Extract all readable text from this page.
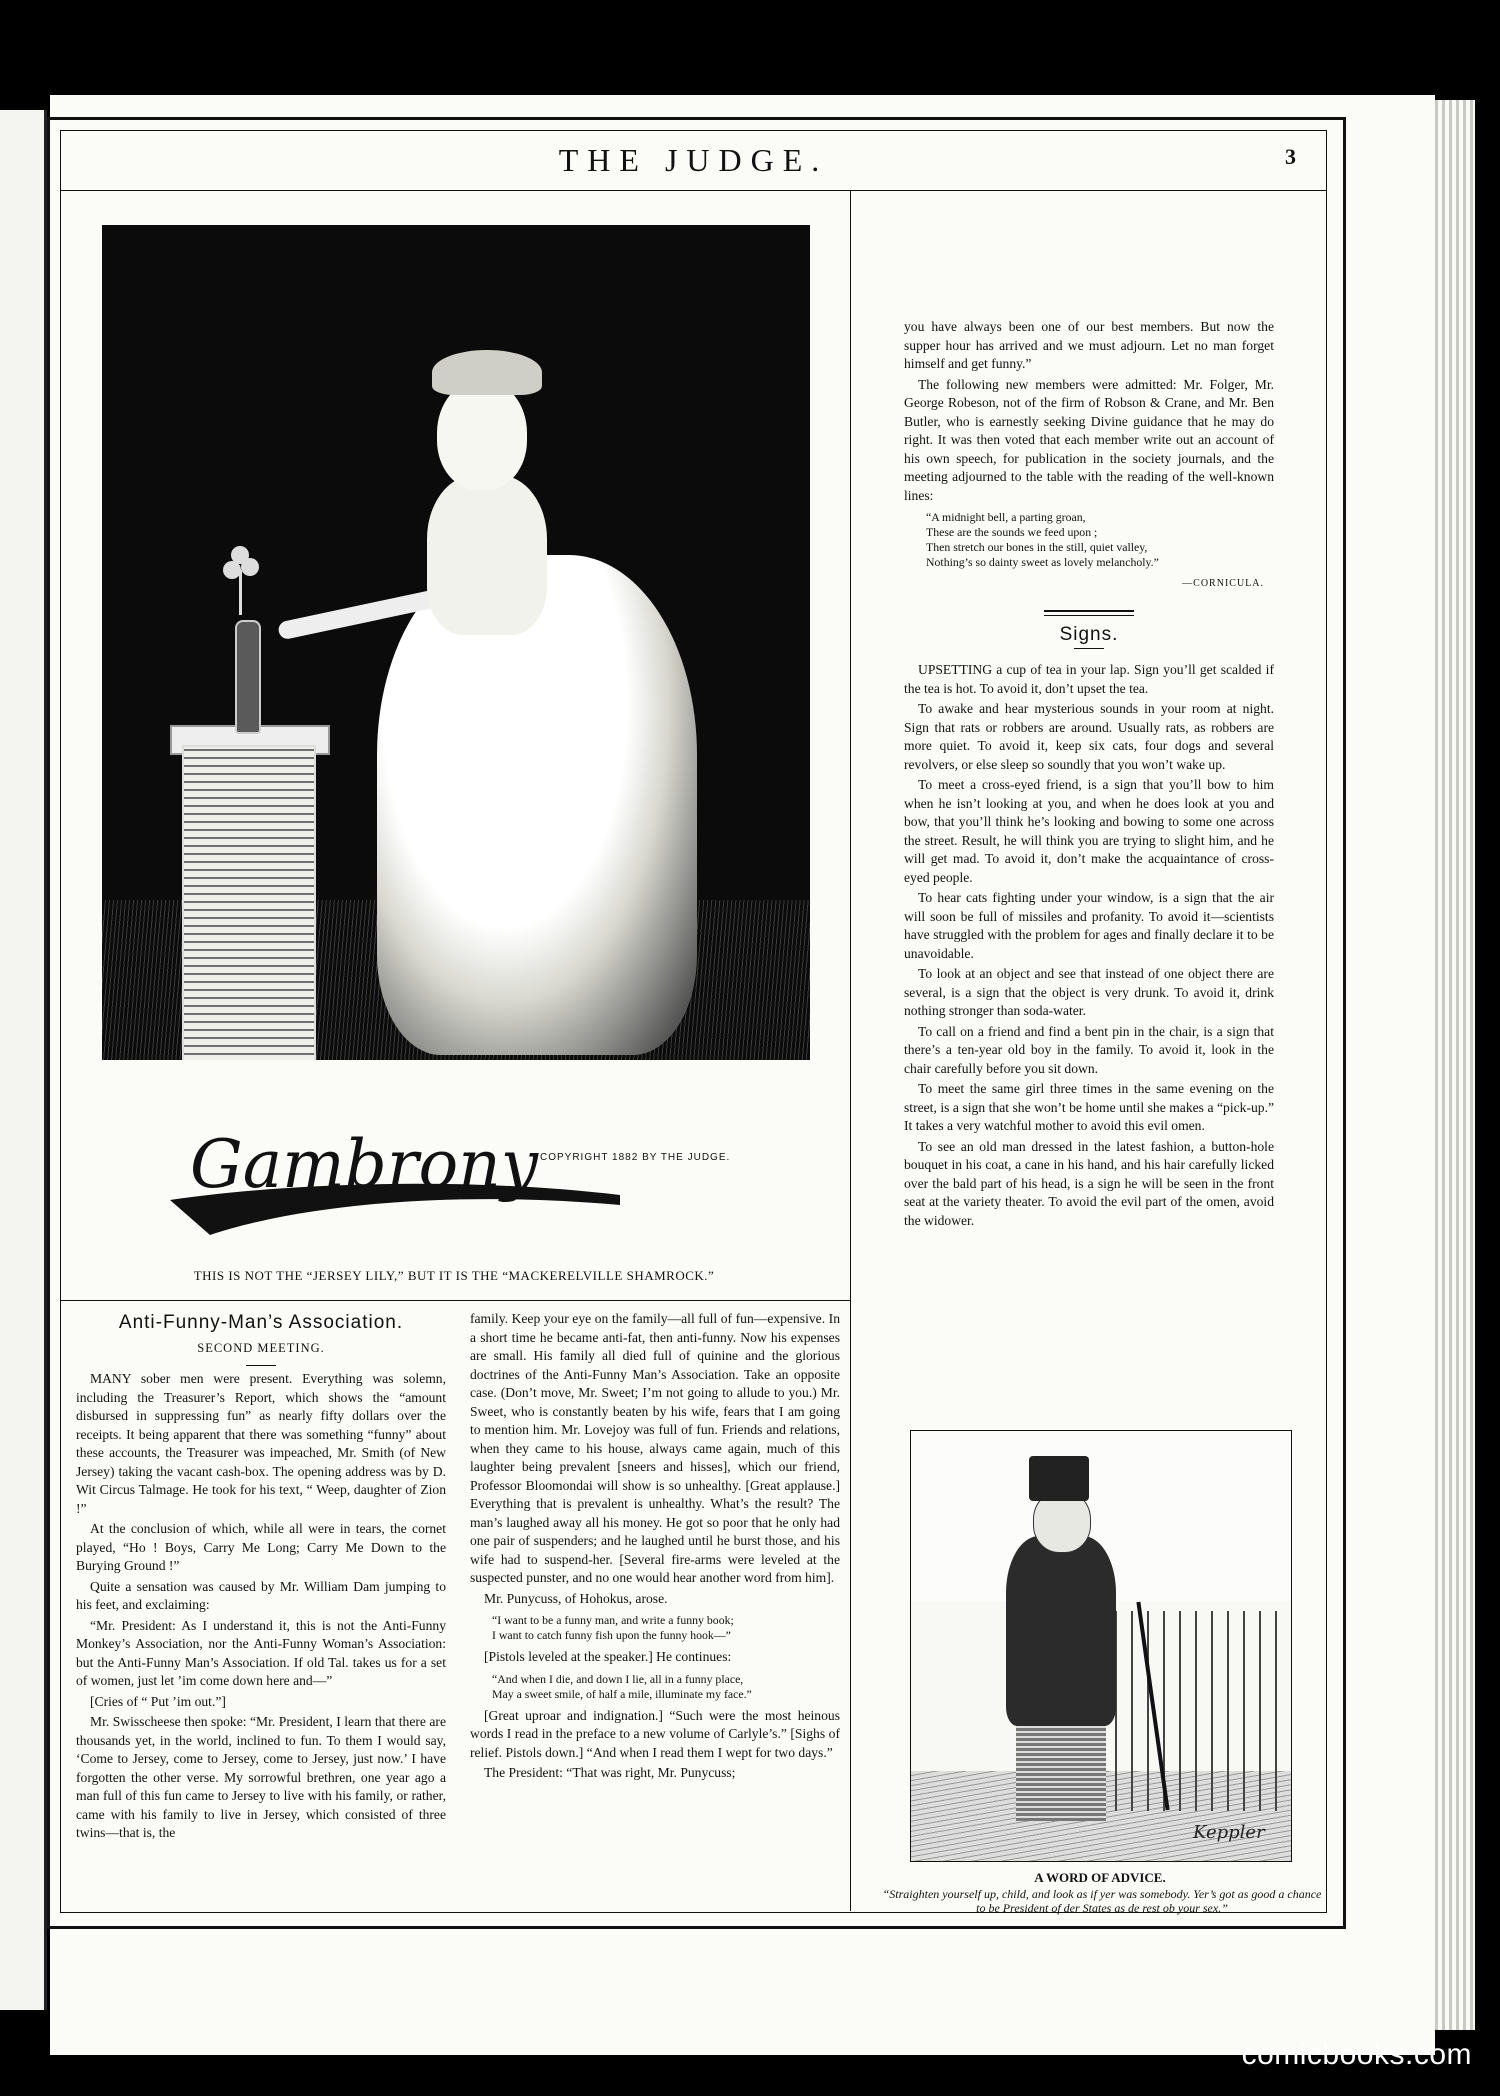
THE JUDGE.	3
Gambrony COPYRIGHT 1882 BY THE JUDGE.
THIS IS NOT THE “JERSEY LILY,” BUT IT IS THE “MACKERELVILLE SHAMROCK.”
Anti-Funny-Man’s Association.
SECOND MEETING.

MANY sober men were present. Everything was solemn, including the Treasurer’s Report, which shows the “amount disbursed in suppressing fun” as nearly fifty dollars over the receipts. It being apparent that there was something “funny” about these accounts, the Treasurer was impeached, Mr. Smith (of New Jersey) taking the vacant cash-box. The opening address was by D. Wit Circus Talmage. He took for his text, “ Weep, daughter of Zion !”

At the conclusion of which, while all were in tears, the cornet played, “Ho ! Boys, Carry Me Long; Carry Me Down to the Burying Ground !”

Quite a sensation was caused by Mr. William Dam jumping to his feet, and exclaiming:

“Mr. President: As I understand it, this is not the Anti-Funny Monkey’s Association, nor the Anti-Funny Woman’s Association: but the Anti-Funny Man’s Association. If old Tal. takes us for a set of women, just let ’im come down here and—”

[Cries of “ Put ’im out.”]

Mr. Swisscheese then spoke: “Mr. President, I learn that there are thousands yet, in the world, inclined to fun. To them I would say, ‘Come to Jersey, come to Jersey, come to Jersey, just now.’ I have forgotten the other verse. My sorrowful brethren, one year ago a man full of this fun came to Jersey to live with his family, or rather, came with his family to live in Jersey, which consisted of three twins—that is, the

family. Keep your eye on the family—all full of fun—expensive. In a short time he became anti-fat, then anti-funny. Now his expenses are small. His family all died full of quinine and the glorious doctrines of the Anti-Funny Man’s Association. Take an opposite case. (Don’t move, Mr. Sweet; I’m not going to allude to you.) Mr. Sweet, who is constantly beaten by his wife, fears that I am going to mention him. Mr. Lovejoy was full of fun. Friends and relations, when they came to his house, always came again, much of this laughter being prevalent [sneers and hisses], which our friend, Professor Bloomondai will show is so unhealthy. [Great applause.] Everything that is prevalent is unhealthy. What’s the result? The man’s laughed away all his money. He got so poor that he only had one pair of suspenders; and he laughed until he burst those, and his wife had to suspend-her. [Several fire-arms were leveled at the suspected punster, and no one would hear another word from him].

Mr. Punycuss, of Hohokus, arose.

“I want to be a funny man, and write a funny book;
I want to catch funny fish upon the funny hook—”

[Pistols leveled at the speaker.] He continues:

“And when I die, and down I lie, all in a funny place,
May a sweet smile, of half a mile, illuminate my face.”

[Great uproar and indignation.] “Such were the most heinous words I read in the preface to a new volume of Carlyle’s.” [Sighs of relief. Pistols down.] “And when I read them I wept for two days.”

The President: “That was right, Mr. Punycuss;

you have always been one of our best members. But now the supper hour has arrived and we must adjourn. Let no man forget himself and get funny.”

The following new members were admitted: Mr. Folger, Mr. George Robeson, not of the firm of Robson & Crane, and Mr. Ben Butler, who is earnestly seeking Divine guidance that he may do right. It was then voted that each member write out an account of his own speech, for publication in the society journals, and the meeting adjourned to the table with the reading of the well-known lines:

“A midnight bell, a parting groan,
These are the sounds we feed upon ;
Then stretch our bones in the still, quiet valley,
Nothing’s so dainty sweet as lovely melancholy.”
—CORNICULA.
Signs.

UPSETTING a cup of tea in your lap. Sign you’ll get scalded if the tea is hot. To avoid it, don’t upset the tea.

To awake and hear mysterious sounds in your room at night. Sign that rats or robbers are around. Usually rats, as robbers are more quiet. To avoid it, keep six cats, four dogs and several revolvers, or else sleep so soundly that you won’t wake up.

To meet a cross-eyed friend, is a sign that you’ll bow to him when he isn’t looking at you, and when he does look at you and bow, that you’ll think he’s looking and bowing to some one across the street. Result, he will think you are trying to slight him, and he will get mad. To avoid it, don’t make the acquaintance of cross-eyed people.

To hear cats fighting under your window, is a sign that the air will soon be full of missiles and profanity. To avoid it—scientists have struggled with the problem for ages and finally declare it to be unavoidable.

To look at an object and see that instead of one object there are several, is a sign that the object is very drunk. To avoid it, drink nothing stronger than soda-water.

To call on a friend and find a bent pin in the chair, is a sign that there’s a ten-year old boy in the family. To avoid it, look in the chair carefully before you sit down.

To meet the same girl three times in the same evening on the street, is a sign that she won’t be home until she makes a “pick-up.” It takes a very watchful mother to avoid this evil omen.

To see an old man dressed in the latest fashion, a button-hole bouquet in his coat, a cane in his hand, and his hair carefully licked over the bald part of his head, is a sign he will be seen in the front seat at the variety theater. To avoid the evil part of the omen, avoid the widower.

Keppler
A WORD OF ADVICE.
“Straighten yourself up, child, and look as if yer was somebody. Yer’s got as good a chance to be President of der States as de rest ob your sex.”
comicbooks.com
